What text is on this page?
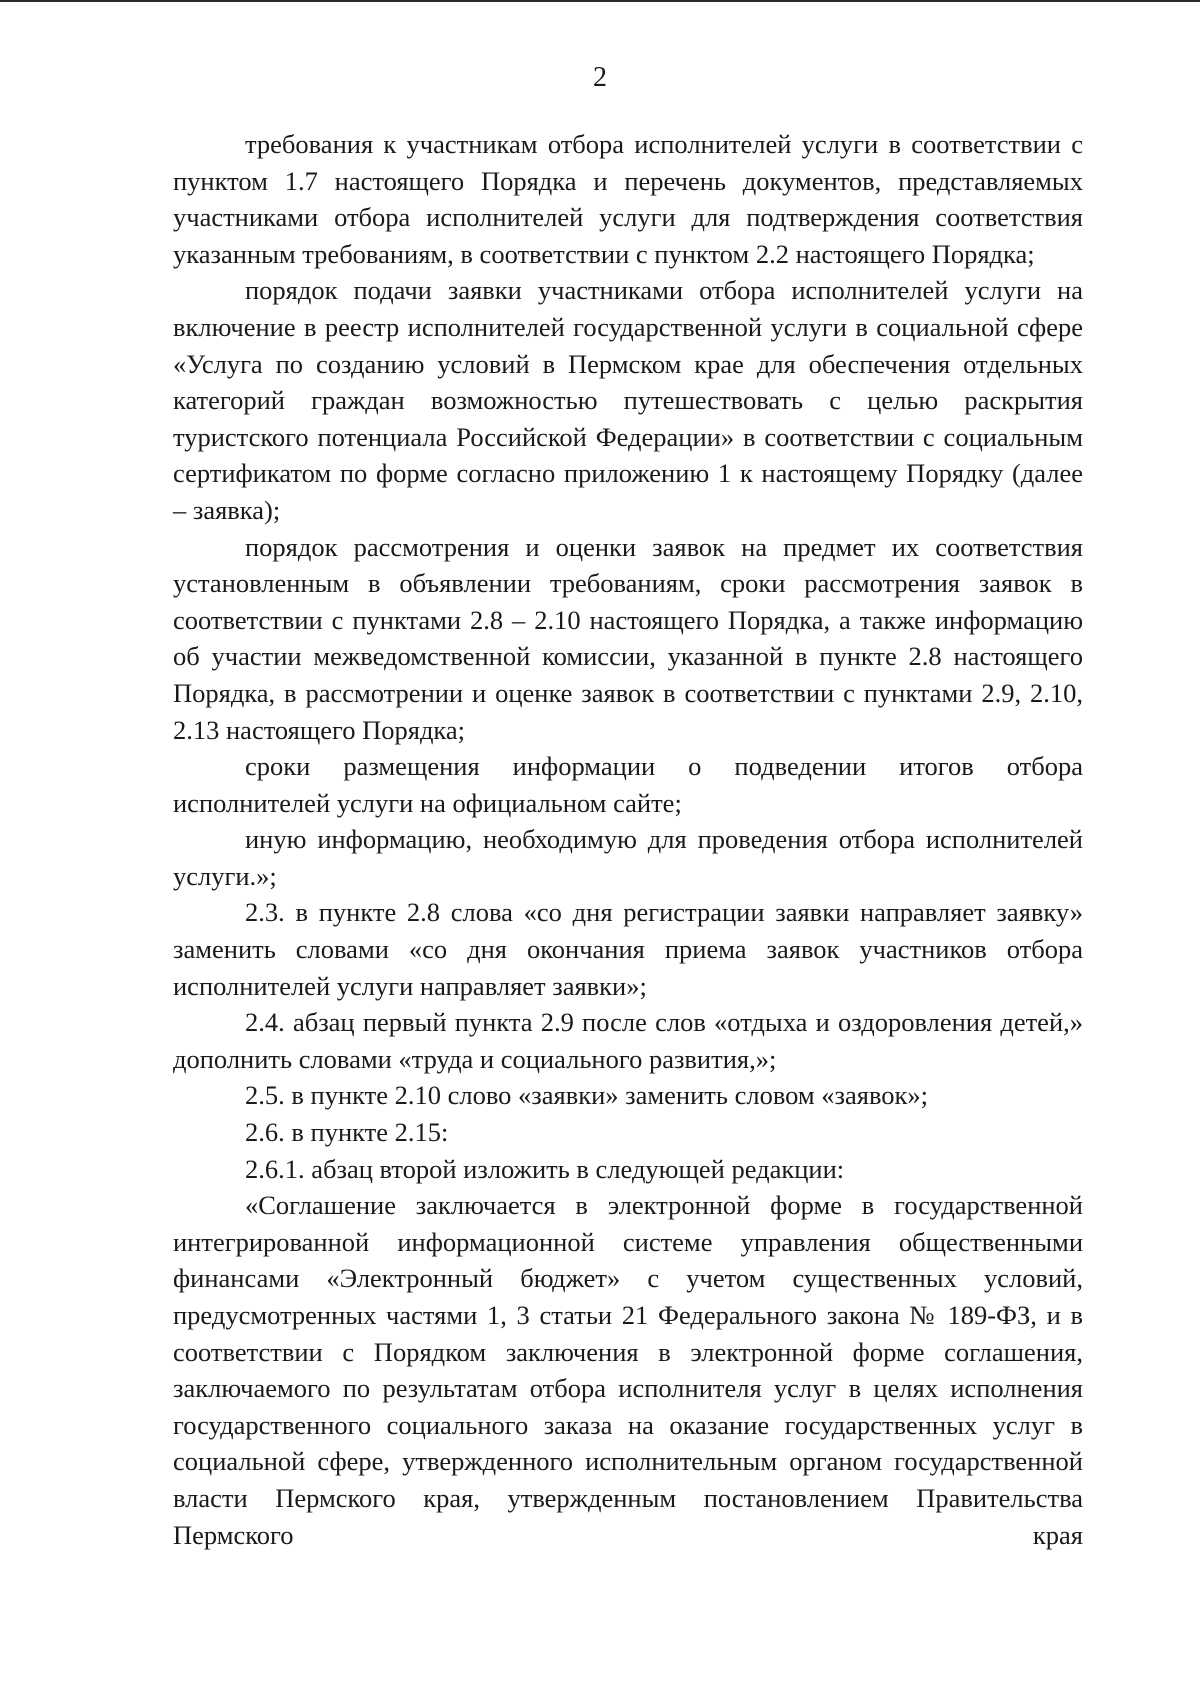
2

требования к участникам отбора исполнителей услуги в соответствии с пунктом 1.7 настоящего Порядка и перечень документов, представляемых участниками отбора исполнителей услуги для подтверждения соответствия указанным требованиям, в соответствии с пунктом 2.2 настоящего Порядка;

порядок подачи заявки участниками отбора исполнителей услуги на включение в реестр исполнителей государственной услуги в социальной сфере «Услуга по созданию условий в Пермском крае для обеспечения отдельных категорий граждан возможностью путешествовать с целью раскрытия туристского потенциала Российской Федерации» в соответствии с социальным сертификатом по форме согласно приложению 1 к настоящему Порядку (далее – заявка);

порядок рассмотрения и оценки заявок на предмет их соответствия установленным в объявлении требованиям, сроки рассмотрения заявок в соответствии с пунктами 2.8 – 2.10 настоящего Порядка, а также информацию об участии межведомственной комиссии, указанной в пункте 2.8 настоящего Порядка, в рассмотрении и оценке заявок в соответствии с пунктами 2.9, 2.10, 2.13 настоящего Порядка;

сроки размещения информации о подведении итогов отбора исполнителей услуги на официальном сайте;

иную информацию, необходимую для проведения отбора исполнителей услуги.»;

2.3. в пункте 2.8 слова «со дня регистрации заявки направляет заявку» заменить словами «со дня окончания приема заявок участников отбора исполнителей услуги направляет заявки»;

2.4. абзац первый пункта 2.9 после слов «отдыха и оздоровления детей,» дополнить словами «труда и социального развития,»;

2.5. в пункте 2.10 слово «заявки» заменить словом «заявок»;

2.6. в пункте 2.15:

2.6.1. абзац второй изложить в следующей редакции:

«Соглашение заключается в электронной форме в государственной интегрированной информационной системе управления общественными финансами «Электронный бюджет» с учетом существенных условий, предусмотренных частями 1, 3 статьи 21 Федерального закона № 189-ФЗ, и в соответствии с Порядком заключения в электронной форме соглашения, заключаемого по результатам отбора исполнителя услуг в целях исполнения государственного социального заказа на оказание государственных услуг в социальной сфере, утвержденного исполнительным органом государственной власти Пермского края, утвержденным постановлением Правительства Пермского края
